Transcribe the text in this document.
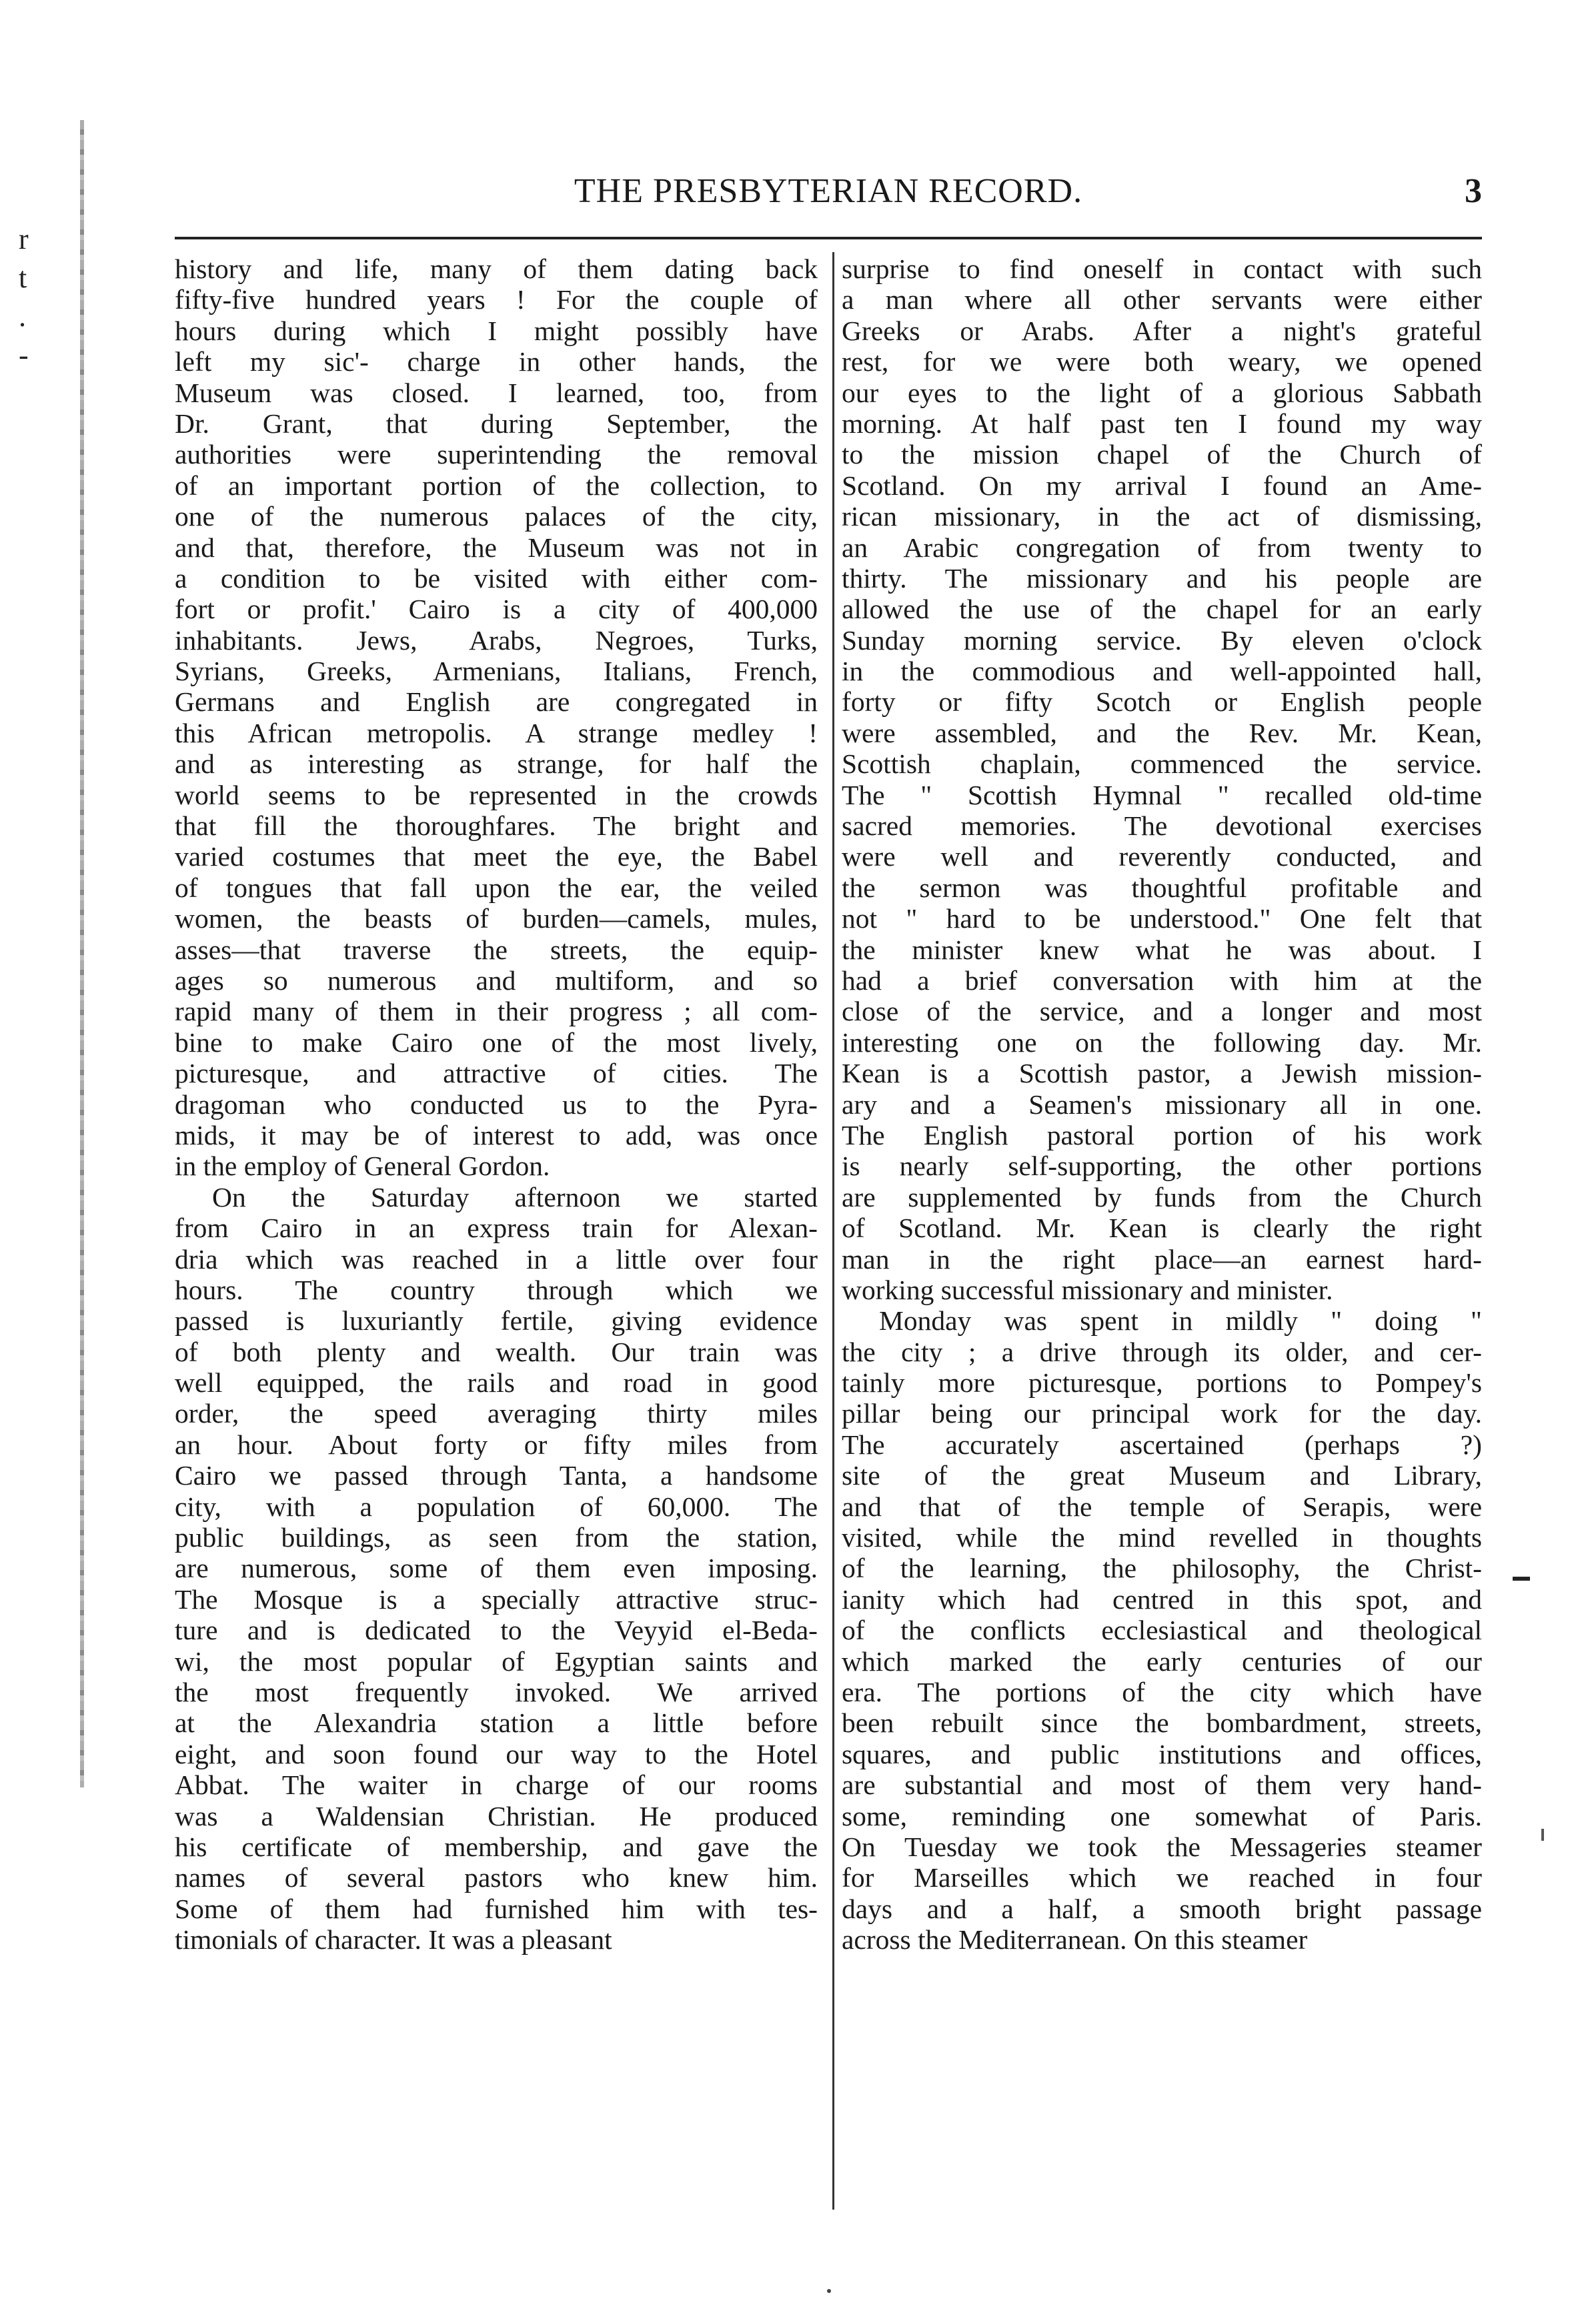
r
t
.
-
THE PRESBYTERIAN RECORD.	3
history and life, many of them dating back
fifty-five hundred years ! For the couple of
hours during which I might possibly have
left my sic'- charge in other hands, the
Museum was closed. I learned, too, from
Dr. Grant, that during September, the
authorities were superintending the removal
of an important portion of the collection, to
one of the numerous palaces of the city,
and that, therefore, the Museum was not in
a condition to be visited with either com-
fort or profit.' Cairo is a city of 400,000
inhabitants. Jews, Arabs, Negroes, Turks,
Syrians, Greeks, Armenians, Italians, French,
Germans and English are congregated in
this African metropolis. A strange medley !
and as interesting as strange, for half the
world seems to be represented in the crowds
that fill the thoroughfares. The bright and
varied costumes that meet the eye, the Babel
of tongues that fall upon the ear, the veiled
women, the beasts of burden—camels, mules,
asses—that traverse the streets, the equip-
ages so numerous and multiform, and so
rapid many of them in their progress ; all com-
bine to make Cairo one of the most lively,
picturesque, and attractive of cities. The
dragoman who conducted us to the Pyra-
mids, it may be of interest to add, was once
in the employ of General Gordon.
On the Saturday afternoon we started
from Cairo in an express train for Alexan-
dria which was reached in a little over four
hours. The country through which we
passed is luxuriantly fertile, giving evidence
of both plenty and wealth. Our train was
well equipped, the rails and road in good
order, the speed averaging thirty miles
an hour. About forty or fifty miles from
Cairo we passed through Tanta, a handsome
city, with a population of 60,000. The
public buildings, as seen from the station,
are numerous, some of them even imposing.
The Mosque is a specially attractive struc-
ture and is dedicated to the Veyyid el-Beda-
wi, the most popular of Egyptian saints and
the most frequently invoked. We arrived
at the Alexandria station a little before
eight, and soon found our way to the Hotel
Abbat. The waiter in charge of our rooms
was a Waldensian Christian. He produced
his certificate of membership, and gave the
names of several pastors who knew him.
Some of them had furnished him with tes-
timonials of character. It was a pleasant
surprise to find oneself in contact with such
a man where all other servants were either
Greeks or Arabs. After a night's grateful
rest, for we were both weary, we opened
our eyes to the light of a glorious Sabbath
morning. At half past ten I found my way
to the mission chapel of the Church of
Scotland. On my arrival I found an Ame-
rican missionary, in the act of dismissing,
an Arabic congregation of from twenty to
thirty. The missionary and his people are
allowed the use of the chapel for an early
Sunday morning service. By eleven o'clock
in the commodious and well-appointed hall,
forty or fifty Scotch or English people
were assembled, and the Rev. Mr. Kean,
Scottish chaplain, commenced the service.
The " Scottish Hymnal " recalled old-time
sacred memories. The devotional exercises
were well and reverently conducted, and
the sermon was thoughtful profitable and
not " hard to be understood." One felt that
the minister knew what he was about. I
had a brief conversation with him at the
close of the service, and a longer and most
interesting one on the following day. Mr.
Kean is a Scottish pastor, a Jewish mission-
ary and a Seamen's missionary all in one.
The English pastoral portion of his work
is nearly self-supporting, the other portions
are supplemented by funds from the Church
of Scotland. Mr. Kean is clearly the right
man in the right place—an earnest hard-
working successful missionary and minister.
Monday was spent in mildly " doing "
the city ; a drive through its older, and cer-
tainly more picturesque, portions to Pompey's
pillar being our principal work for the day.
The accurately ascertained (perhaps ?)
site of the great Museum and Library,
and that of the temple of Serapis, were
visited, while the mind revelled in thoughts
of the learning, the philosophy, the Christ-
ianity which had centred in this spot, and
of the conflicts ecclesiastical and theological
which marked the early centuries of our
era. The portions of the city which have
been rebuilt since the bombardment, streets,
squares, and public institutions and offices,
are substantial and most of them very hand-
some, reminding one somewhat of Paris.
On Tuesday we took the Messageries steamer
for Marseilles which we reached in four
days and a half, a smooth bright passage
across the Mediterranean. On this steamer
